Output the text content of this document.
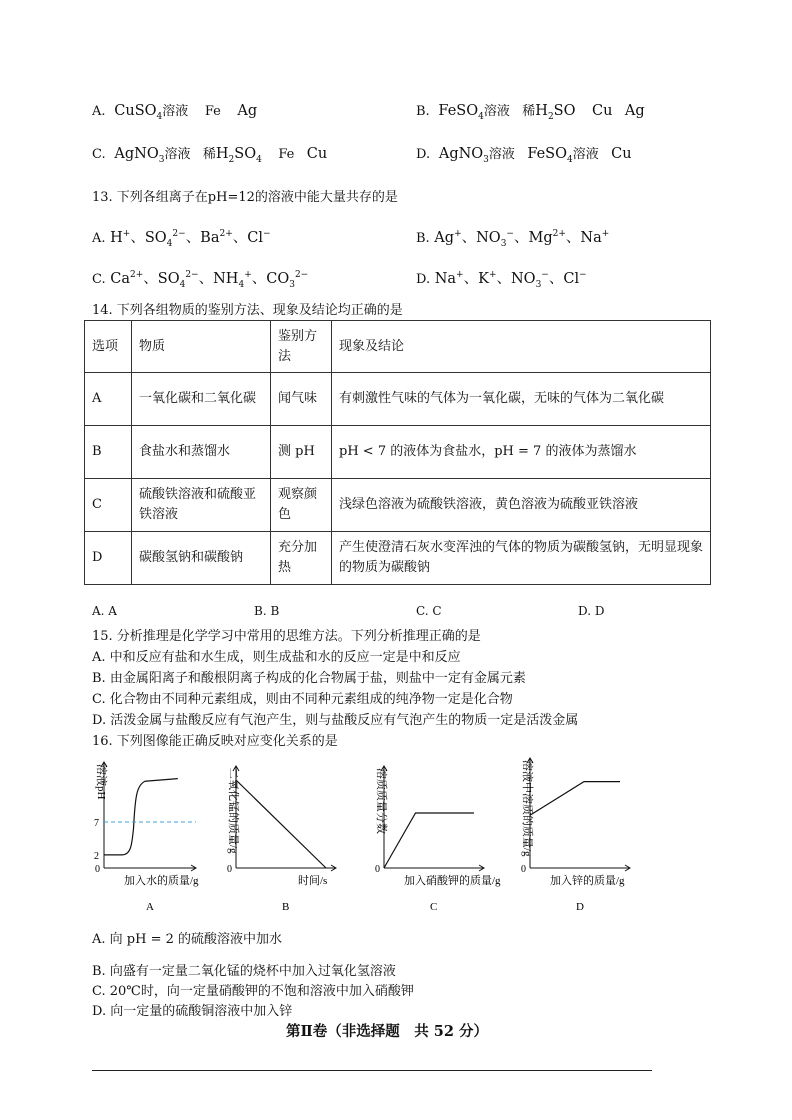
A.  CuSO$_4$溶液 Fe Ag	B.  FeSO$_4$溶液 稀$H_2SO$ Cu Ag
C.  AgNO$_3$溶液 稀$H_2SO_4$ Fe Cu	D.  AgNO$_3$溶液 FeSO$_4$溶液 Cu
13. 下列各组离子在pH=12的溶液中能大量共存的是
A. H+、$SO_4^{2-}$、$Ba^{2+}$、Cl−	B. Ag+、$NO_3^-$、$Mg^{2+}$、Na+
C. $Ca^{2+}$、$SO_4^{2-}$、$NH_4^+$、$CO_3^{2-}$	D. Na+、K+、$NO_3^-$、Cl−
14. 下列各组物质的鉴别方法、现象及结论均正确的是
选项	物质	鉴别方法	现象及结论
A	一氧化碳和二氧化碳	闻气味	有刺激性气味的气体为一氧化碳，无味的气体为二氧化碳
B	食盐水和蒸馏水	测 pH	pH < 7 的液体为食盐水，pH = 7 的液体为蒸馏水
C	硫酸铁溶液和硫酸亚铁溶液	观察颜色	浅绿色溶液为硫酸铁溶液，黄色溶液为硫酸亚铁溶液
D	碳酸氢钠和碳酸钠	充分加热	产生使澄清石灰水变浑浊的气体的物质为碳酸氢钠，无明显现象的物质为碳酸钠
A. A	B. B	C. C	D. D
15. 分析推理是化学学习中常用的思维方法。下列分析推理正确的是
A. 中和反应有盐和水生成，则生成盐和水的反应一定是中和反应
B. 由金属阳离子和酸根阴离子构成的化合物属于盐，则盐中一定有金属元素
C. 化合物由不同种元素组成，则由不同种元素组成的纯净物一定是化合物
D. 活泼金属与盐酸反应有气泡产生，则与盐酸反应有气泡产生的物质一定是活泼金属
16. 下列图像能正确反映对应变化关系的是
溶液pH
加入水的质量/g
0
7
2
A
二氧化锰的质量/g
时间/s
0
B
溶质质量分数
加入硝酸钾的质量/g
0
C
溶液中溶质的质量/g
加入锌的质量/g
0
D
A. 向 pH = 2 的硫酸溶液中加水
B. 向盛有一定量二氧化锰的烧杯中加入过氧化氢溶液
C. 20℃时，向一定量硝酸钾的不饱和溶液中加入硝酸钾
D. 向一定量的硫酸铜溶液中加入锌
第Ⅱ卷（非选择题　共 52 分）
